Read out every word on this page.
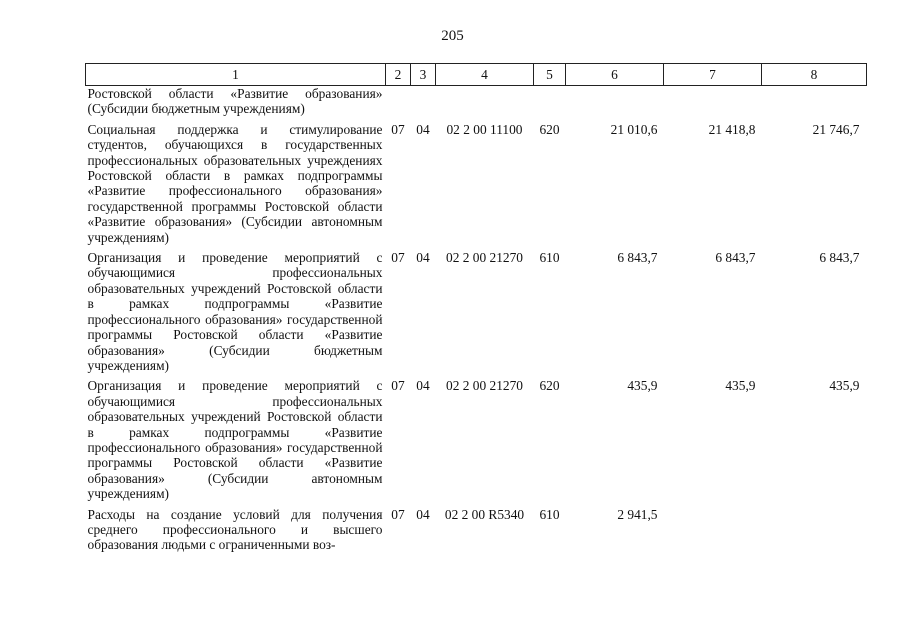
205
1	2	3	4	5	6	7	8
Ростовской области «Развитие образования» (Субсидии бюджетным учреждениям)							
Социальная поддержка и стимулирование студентов, обучающихся в государственных профессиональных образовательных учреждениях Ростовской области в рамках подпрограммы «Развитие профессионального образования» государственной программы Ростовской области «Развитие образования» (Субсидии автономным учреждениям)	07	04	02 2 00 11100	620	21 010,6	21 418,8	21 746,7
Организация и проведение мероприятий с обучающимися профессиональных образовательных учреждений Ростовской области в рамках подпрограммы «Развитие профессионального образования» государственной программы Ростовской области «Развитие образования» (Субсидии бюджетным учреждениям)	07	04	02 2 00 21270	610	6 843,7	6 843,7	6 843,7
Организация и проведение мероприятий с обучающимися профессиональных образовательных учреждений Ростовской области в рамках подпрограммы «Развитие профессионального образования» государственной программы Ростовской области «Развитие образования» (Субсидии автономным учреждениям)	07	04	02 2 00 21270	620	435,9	435,9	435,9
Расходы на создание условий для получения среднего профессионального и высшего образования людьми с ограниченными воз-	07	04	02 2 00 R5340	610	2 941,5		
